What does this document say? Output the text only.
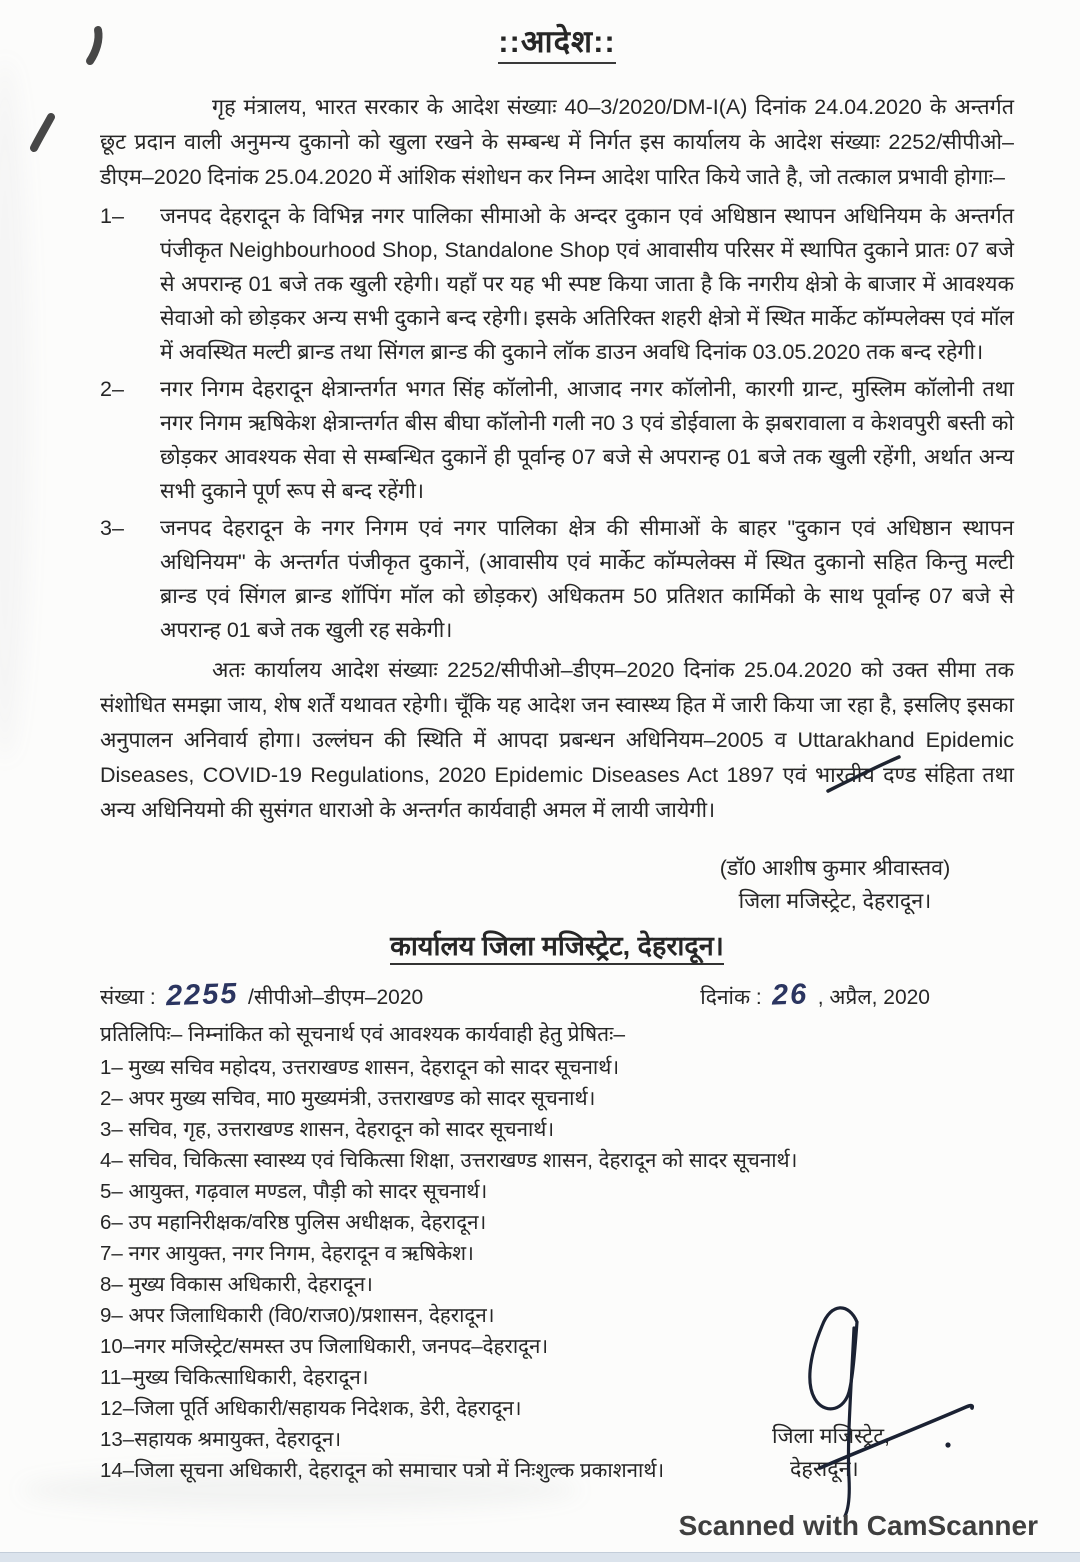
::आदेश::
गृह मंत्रालय, भारत सरकार के आदेश संख्याः 40–3/2020/DM-I(A) दिनांक 24.04.2020 के अन्तर्गत छूट प्रदान वाली अनुमन्य दुकानो को खुला रखने के सम्बन्ध में निर्गत इस कार्यालय के आदेश संख्याः 2252/सीपीओ–डीएम–2020 दिनांक 25.04.2020 में आंशिक संशोधन कर निम्न आदेश पारित किये जाते है, जो तत्काल प्रभावी होगाः–
1–	जनपद देहरादून के विभिन्न नगर पालिका सीमाओ के अन्दर दुकान एवं अधिष्ठान स्थापन अधिनियम के अन्तर्गत पंजीकृत Neighbourhood Shop, Standalone Shop एवं आवासीय परिसर में स्थापित दुकाने प्रातः 07 बजे से अपरान्ह 01 बजे तक खुली रहेगी। यहाँ पर यह भी स्पष्ट किया जाता है कि नगरीय क्षेत्रो के बाजार में आवश्यक सेवाओ को छोड़कर अन्य सभी दुकाने बन्द रहेगी। इसके अतिरिक्त शहरी क्षेत्रो में स्थित मार्केट कॉम्पलेक्स एवं मॉल में अवस्थित मल्टी ब्रान्ड तथा सिंगल ब्रान्ड की दुकाने लॉक डाउन अवधि दिनांक 03.05.2020 तक बन्द रहेगी।
2–	नगर निगम देहरादून क्षेत्रान्तर्गत भगत सिंह कॉलोनी, आजाद नगर कॉलोनी, कारगी ग्रान्ट, मुस्लिम कॉलोनी तथा नगर निगम ऋषिकेश क्षेत्रान्तर्गत बीस बीघा कॉलोनी गली न0 3 एवं डोईवाला के झबरावाला व केशवपुरी बस्ती को छोड़कर आवश्यक सेवा से सम्बन्धित दुकानें ही पूर्वान्ह 07 बजे से अपरान्ह 01 बजे तक खुली रहेंगी, अर्थात अन्य सभी दुकाने पूर्ण रूप से बन्द रहेंगी।
3–	जनपद देहरादून के नगर निगम एवं नगर पालिका क्षेत्र की सीमाओं के बाहर "दुकान एवं अधिष्ठान स्थापन अधिनियम" के अन्तर्गत पंजीकृत दुकानें, (आवासीय एवं मार्केट कॉम्पलेक्स में स्थित दुकानो सहित किन्तु मल्टी ब्रान्ड एवं सिंगल ब्रान्ड शॉपिंग मॉल को छोड़कर) अधिकतम 50 प्रतिशत कार्मिको के साथ पूर्वान्ह 07 बजे से अपरान्ह 01 बजे तक खुली रह सकेगी।
अतः कार्यालय आदेश संख्याः 2252/सीपीओ–डीएम–2020 दिनांक 25.04.2020 को उक्त सीमा तक संशोधित समझा जाय, शेष शर्तें यथावत रहेगी। चूँकि यह आदेश जन स्वास्थ्य हित में जारी किया जा रहा है, इसलिए इसका अनुपालन अनिवार्य होगा। उल्लंघन की स्थिति में आपदा प्रबन्धन अधिनियम–2005 व Uttarakhand Epidemic Diseases, COVID-19 Regulations, 2020 Epidemic Diseases Act 1897 एवं भारतीय दण्ड संहिता तथा अन्य अधिनियमो की सुसंगत धाराओ के अन्तर्गत कार्यवाही अमल में लायी जायेगी।
(डॉ0 आशीष कुमार श्रीवास्तव)
जिला मजिस्ट्रेट, देहरादून।
कार्यालय जिला मजिस्ट्रेट, देहरादून।
संख्या : 2255 /सीपीओ–डीएम–2020	दिनांक : 26 , अप्रैल, 2020
प्रतिलिपिः– निम्नांकित को सूचनार्थ एवं आवश्यक कार्यवाही हेतु प्रेषितः–
1– मुख्य सचिव महोदय, उत्तराखण्ड शासन, देहरादून को सादर सूचनार्थ।
2– अपर मुख्य सचिव, मा0 मुख्यमंत्री, उत्तराखण्ड को सादर सूचनार्थ।
3– सचिव, गृह, उत्तराखण्ड शासन, देहरादून को सादर सूचनार्थ।
4– सचिव, चिकित्सा स्वास्थ्य एवं चिकित्सा शिक्षा, उत्तराखण्ड शासन, देहरादून को सादर सूचनार्थ।
5– आयुक्त, गढ़वाल मण्डल, पौड़ी को सादर सूचनार्थ।
6– उप महानिरीक्षक/वरिष्ठ पुलिस अधीक्षक, देहरादून।
7– नगर आयुक्त, नगर निगम, देहरादून व ऋषिकेश।
8– मुख्य विकास अधिकारी, देहरादून।
9– अपर जिलाधिकारी (वि0/राज0)/प्रशासन, देहरादून।
10–नगर मजिस्ट्रेट/समस्त उप जिलाधिकारी, जनपद–देहरादून।
11–मुख्य चिकित्साधिकारी, देहरादून।
12–जिला पूर्ति अधिकारी/सहायक निदेशक, डेरी, देहरादून।
13–सहायक श्रमायुक्त, देहरादून।
14–जिला सूचना अधिकारी, देहरादून को समाचार पत्रो में निःशुल्क प्रकाशनार्थ।
जिला मजिस्ट्रेट,
देहरादून।
Scanned with CamScanner
